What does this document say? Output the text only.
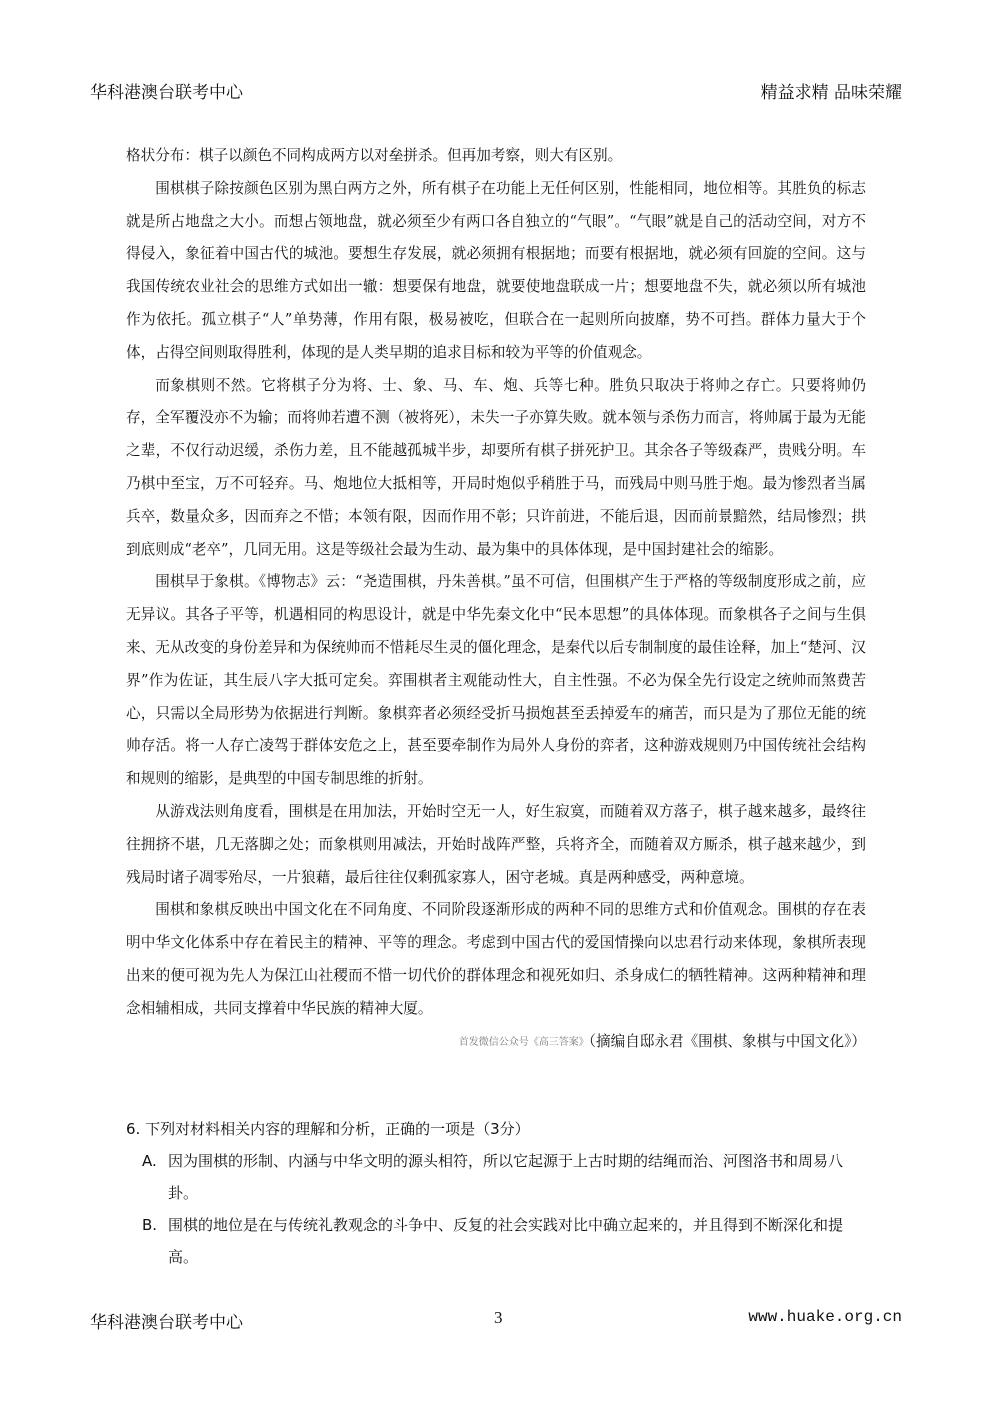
华科港澳台联考中心	精益求精 品味荣耀

格状分布：棋子以颜色不同构成两方以对垒拼杀。但再加考察，则大有区别。

围棋棋子除按颜色区别为黑白两方之外，所有棋子在功能上无任何区别，性能相同，地位相等。其胜负的标志就是所占地盘之大小。而想占领地盘，就必须至少有两口各自独立的“气眼”。“气眼”就是自己的活动空间，对方不得侵入，象征着中国古代的城池。要想生存发展，就必须拥有根据地；而要有根据地，就必须有回旋的空间。这与我国传统农业社会的思维方式如出一辙：想要保有地盘，就要使地盘联成一片；想要地盘不失，就必须以所有城池作为依托。孤立棋子“人”单势薄，作用有限，极易被吃，但联合在一起则所向披靡，势不可挡。群体力量大于个体，占得空间则取得胜利，体现的是人类早期的追求目标和较为平等的价值观念。

而象棋则不然。它将棋子分为将、士、象、马、车、炮、兵等七种。胜负只取决于将帅之存亡。只要将帅仍存，全军覆没亦不为输；而将帅若遭不测（被将死），未失一子亦算失败。就本领与杀伤力而言，将帅属于最为无能之辈，不仅行动迟缓，杀伤力差，且不能越孤城半步，却要所有棋子拼死护卫。其余各子等级森严，贵贱分明。车乃棋中至宝，万不可轻弃。马、炮地位大抵相等，开局时炮似乎稍胜于马，而残局中则马胜于炮。最为惨烈者当属兵卒，数量众多，因而弃之不惜；本领有限，因而作用不彰；只许前进，不能后退，因而前景黯然，结局惨烈；拱到底则成“老卒”，几同无用。这是等级社会最为生动、最为集中的具体体现，是中国封建社会的缩影。

围棋早于象棋。《博物志》云：“尧造围棋，丹朱善棋。”虽不可信，但围棋产生于严格的等级制度形成之前，应无异议。其各子平等，机遇相同的构思设计，就是中华先秦文化中“民本思想”的具体体现。而象棋各子之间与生俱来、无从改变的身份差异和为保统帅而不惜耗尽生灵的僵化理念，是秦代以后专制制度的最佳诠释，加上“楚河、汉界”作为佐证，其生辰八字大抵可定矣。弈围棋者主观能动性大，自主性强。不必为保全先行设定之统帅而煞费苦心，只需以全局形势为依据进行判断。象棋弈者必须经受折马损炮甚至丢掉爱车的痛苦，而只是为了那位无能的统帅存活。将一人存亡凌驾于群体安危之上，甚至要牵制作为局外人身份的弈者，这种游戏规则乃中国传统社会结构和规则的缩影，是典型的中国专制思维的折射。

从游戏法则角度看，围棋是在用加法，开始时空无一人，好生寂寞，而随着双方落子，棋子越来越多，最终往往拥挤不堪，几无落脚之处；而象棋则用减法，开始时战阵严整，兵将齐全，而随着双方厮杀，棋子越来越少，到残局时诸子凋零殆尽，一片狼藉，最后往往仅剩孤家寡人，困守老城。真是两种感受，两种意境。

围棋和象棋反映出中国文化在不同角度、不同阶段逐渐形成的两种不同的思维方式和价值观念。围棋的存在表明中华文化体系中存在着民主的精神、平等的理念。考虑到中国古代的爱国情操向以忠君行动来体现，象棋所表现出来的便可视为先人为保江山社稷而不惜一切代价的群体理念和视死如归、杀身成仁的牺牲精神。这两种精神和理念相辅相成，共同支撑着中华民族的精神大厦。

首发微信公众号《高三答案》（摘编自邸永君《围棋、象棋与中国文化》）

6. 下列对材料相关内容的理解和分析，正确的一项是（3分）

A. 因为围棋的形制、内涵与中华文明的源头相符，所以它起源于上古时期的结绳而治、河图洛书和周易八卦。

B. 围棋的地位是在与传统礼教观念的斗争中、反复的社会实践对比中确立起来的，并且得到不断深化和提高。

华科港澳台联考中心	3	www.huake.org.cn
